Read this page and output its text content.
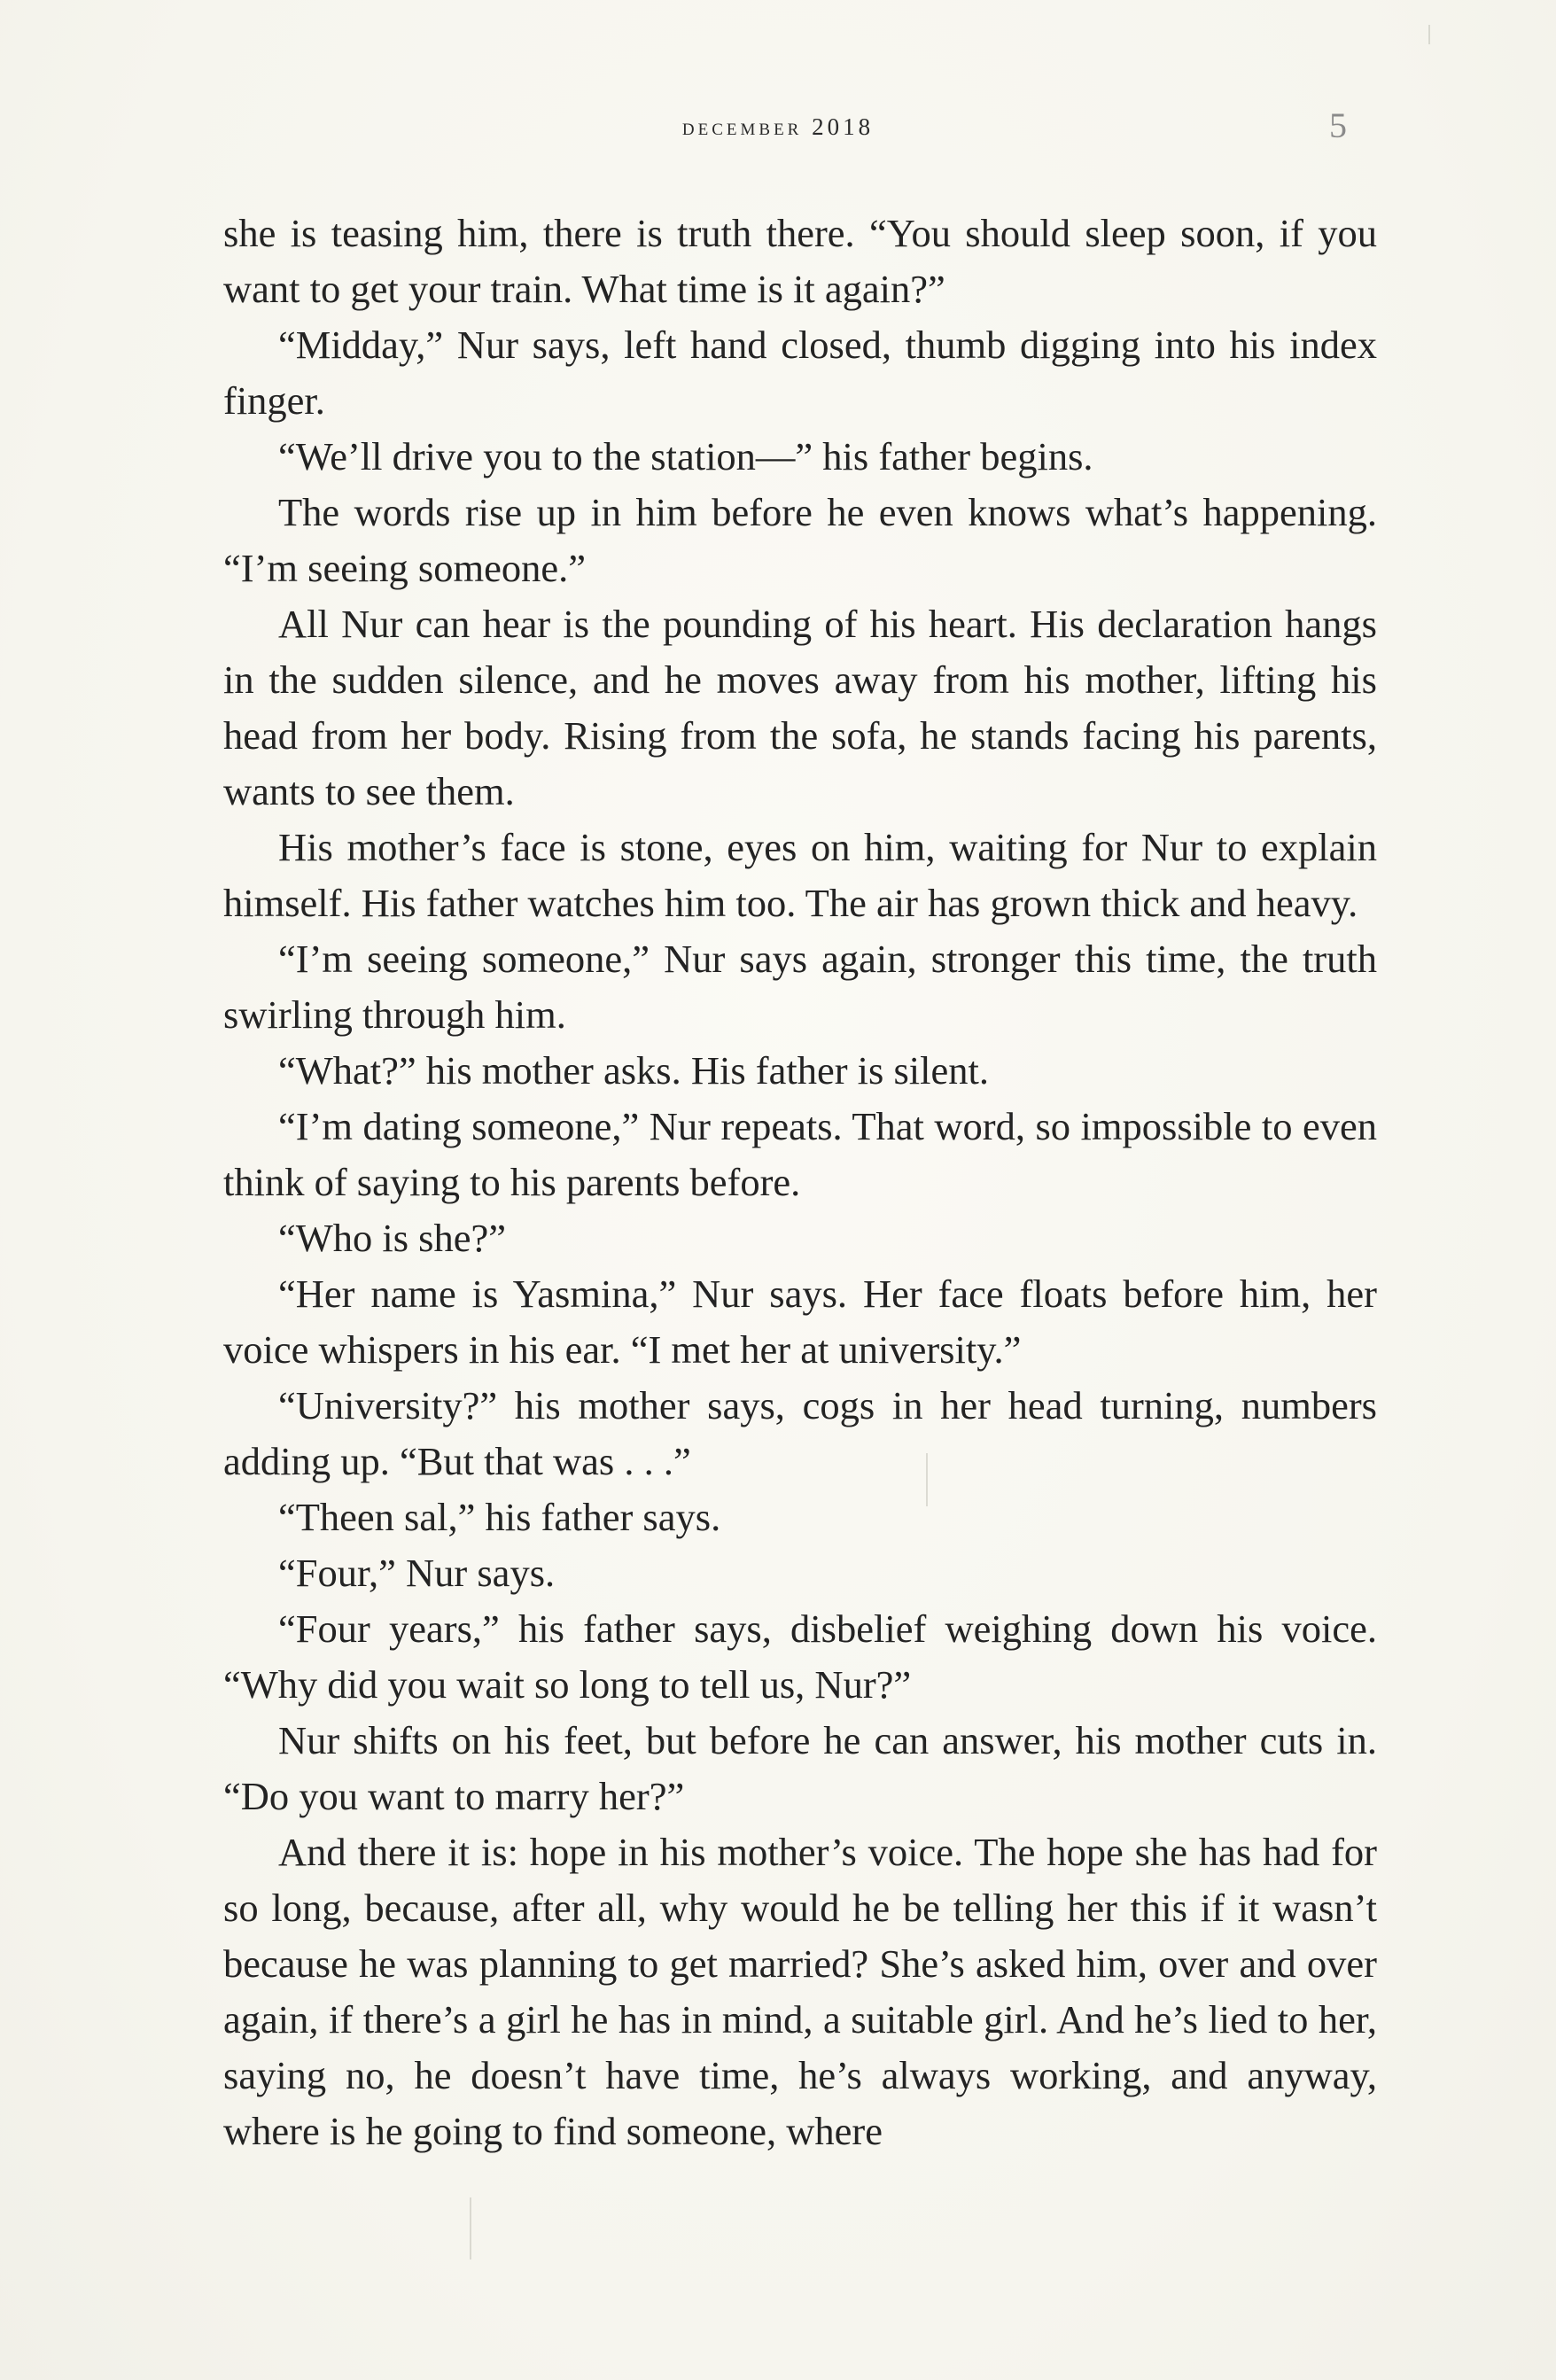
december 2018	5

she is teasing him, there is truth there. “You should sleep soon, if you want to get your train. What time is it again?”

“Midday,” Nur says, left hand closed, thumb digging into his index finger.

“We’ll drive you to the station—” his father begins.

The words rise up in him before he even knows what’s happening. “I’m seeing someone.”

All Nur can hear is the pounding of his heart. His declaration hangs in the sudden silence, and he moves away from his mother, lifting his head from her body. Rising from the sofa, he stands facing his parents, wants to see them.

His mother’s face is stone, eyes on him, waiting for Nur to explain himself. His father watches him too. The air has grown thick and heavy.

“I’m seeing someone,” Nur says again, stronger this time, the truth swirling through him.

“What?” his mother asks. His father is silent.

“I’m dating someone,” Nur repeats. That word, so impossible to even think of saying to his parents before.

“Who is she?”

“Her name is Yasmina,” Nur says. Her face floats before him, her voice whispers in his ear. “I met her at university.”

“University?” his mother says, cogs in her head turning, numbers adding up. “But that was . . .”

“Theen sal,” his father says.

“Four,” Nur says.

“Four years,” his father says, disbelief weighing down his voice. “Why did you wait so long to tell us, Nur?”

Nur shifts on his feet, but before he can answer, his mother cuts in. “Do you want to marry her?”

And there it is: hope in his mother’s voice. The hope she has had for so long, because, after all, why would he be telling her this if it wasn’t because he was planning to get married? She’s asked him, over and over again, if there’s a girl he has in mind, a suitable girl. And he’s lied to her, saying no, he doesn’t have time, he’s always working, and anyway, where is he going to find someone, where
